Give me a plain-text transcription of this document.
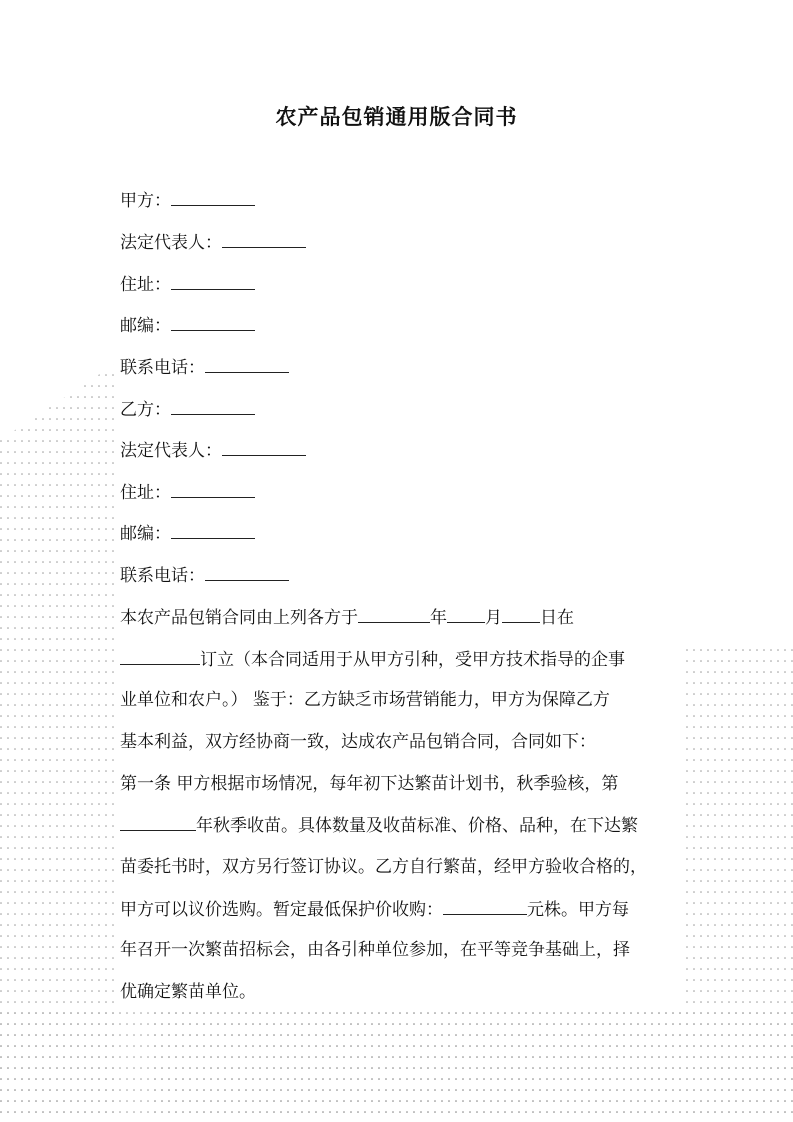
农产品包销通用版合同书

甲方：

法定代表人：

住址：

邮编：

联系电话：

乙方：

法定代表人：

住址：

邮编：

联系电话：

本农产品包销合同由上列各方于	年 月 日在

订立（本合同适用于从甲方引种，受甲方技术指导的企事

业单位和农户。） 鉴于：乙方缺乏市场营销能力，甲方为保障乙方

基本利益，双方经协商一致，达成农产品包销合同，合同如下：

第一条 甲方根据市场情况，每年初下达繁苗计划书，秋季验核，第

年秋季收苗。具体数量及收苗标准、价格、品种，在下达繁

苗委托书时，双方另行签订协议。乙方自行繁苗，经甲方验收合格的，

甲方可以议价选购。暂定最低保护价收购：	元株。甲方每

年召开一次繁苗招标会，由各引种单位参加，在平等竞争基础上，择

优确定繁苗单位。
